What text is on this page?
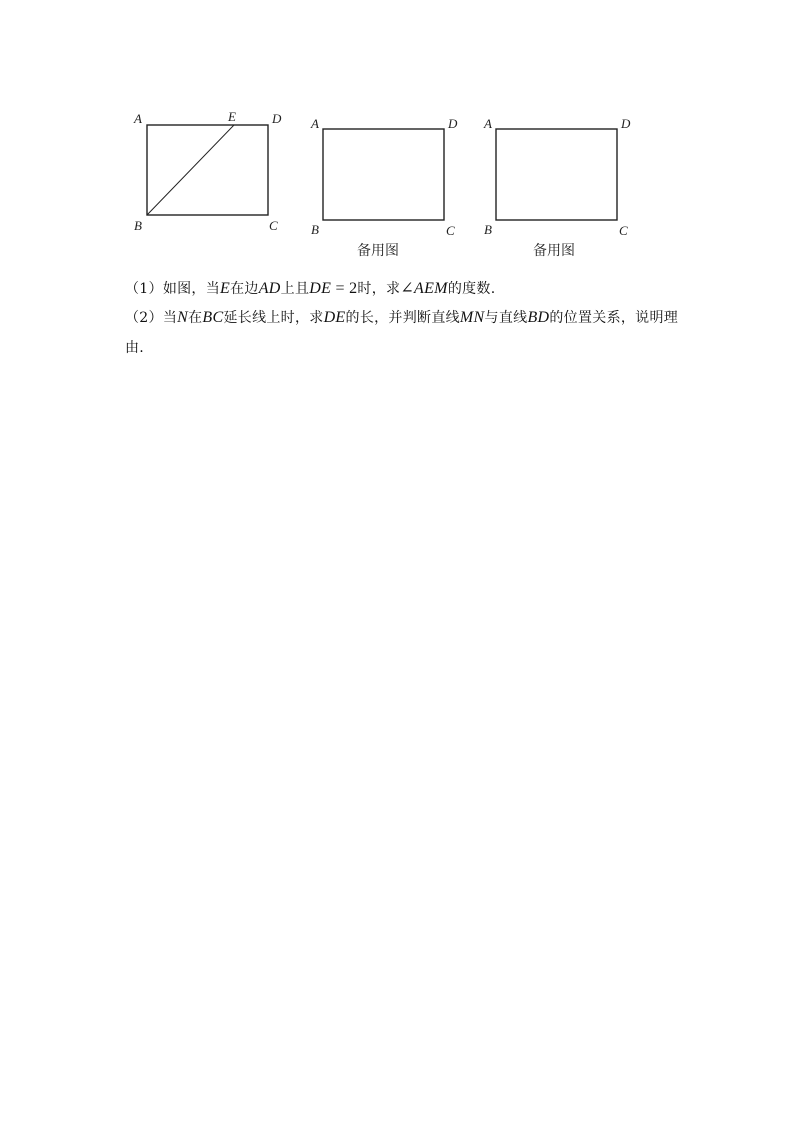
A	E	D
B	C
A	D
B	C
备用图
A	D
B	C
备用图
（1）如图，当E在边AD上且DE = 2时，求∠AEM的度数.
（2）当N在BC延长线上时，求DE的长，并判断直线MN与直线BD的位置关系，说明理由.
